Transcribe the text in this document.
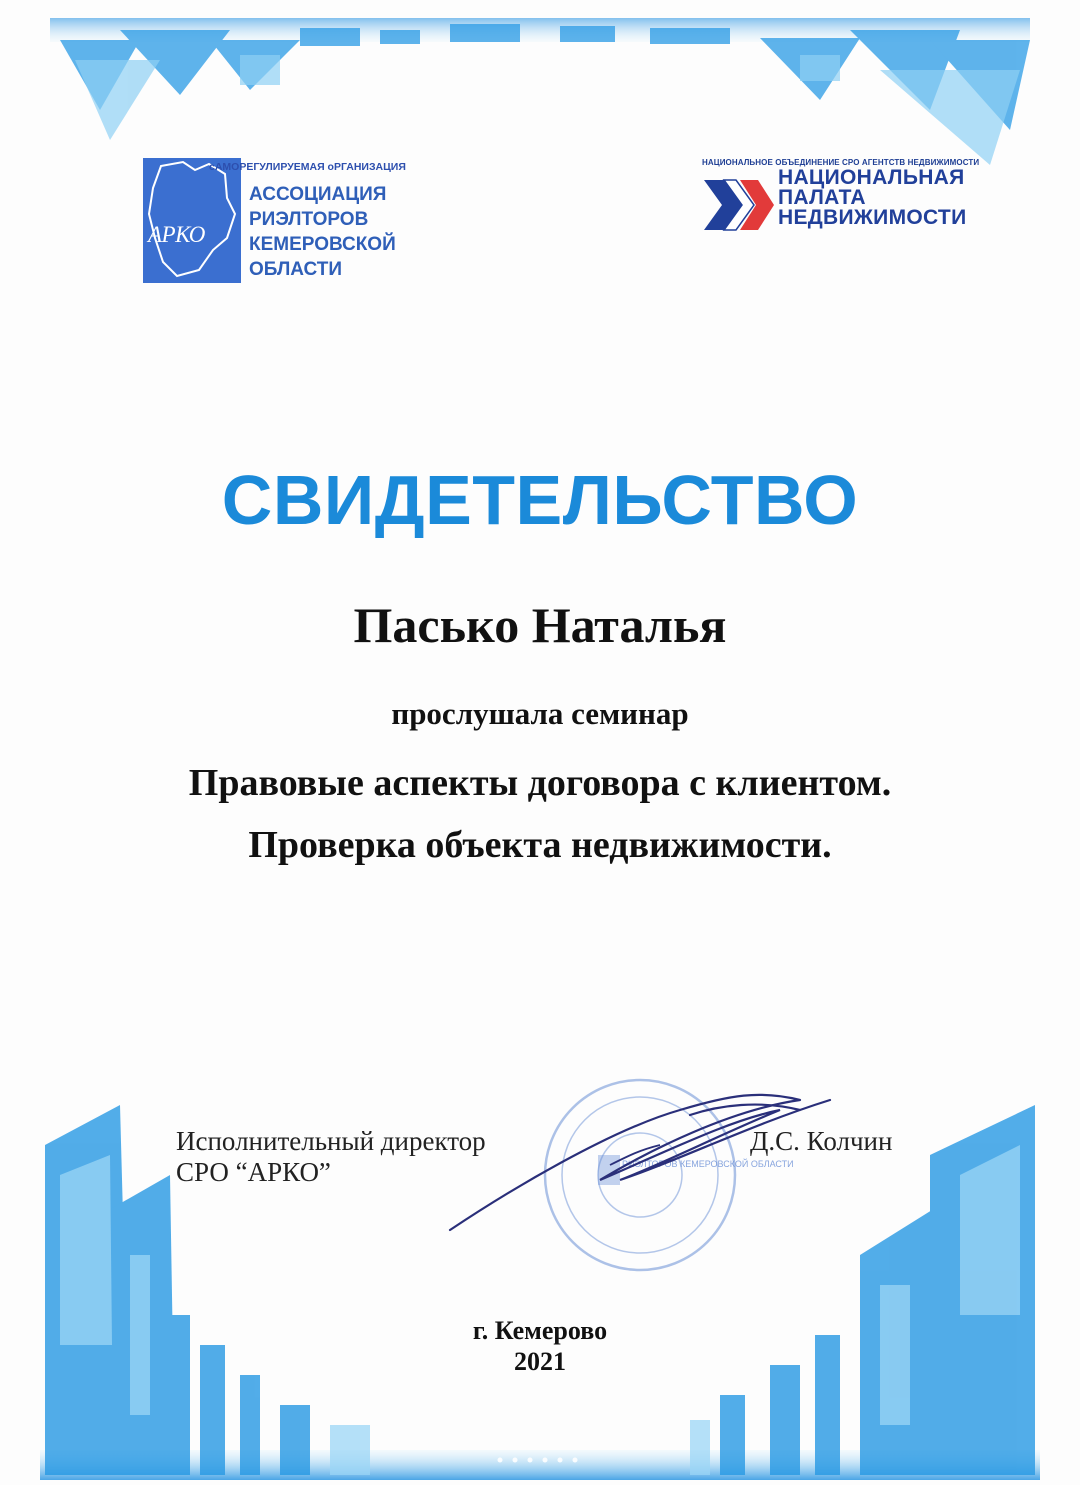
АРКО
сАМОРЕГУЛИРУЕМАЯ оРГАНИЗАЦИЯ
АССОЦИАЦИЯ
РИЭЛТОРОВ
КЕМЕРОВСКОЙ
ОБЛАСТИ
НАЦИОНАЛЬНОЕ ОБЪЕДИНЕНИЕ СРО АГЕНТСТВ НЕДВИЖИМОСТИ
НАЦИОНАЛЬНАЯ
ПАЛАТА
НЕДВИЖИМОСТИ
СВИДЕТЕЛЬСТВО
Пасько Наталья
прослушала семинар
Правовые аспекты договора с клиентом.
Проверка объекта недвижимости.
Исполнительный директор
СРО “АРКО”	РИЭЛТОРОВ КЕМЕРОВСКОЙ ОБЛАСТИ
Д.С. Колчин
г. Кемерово
2021
